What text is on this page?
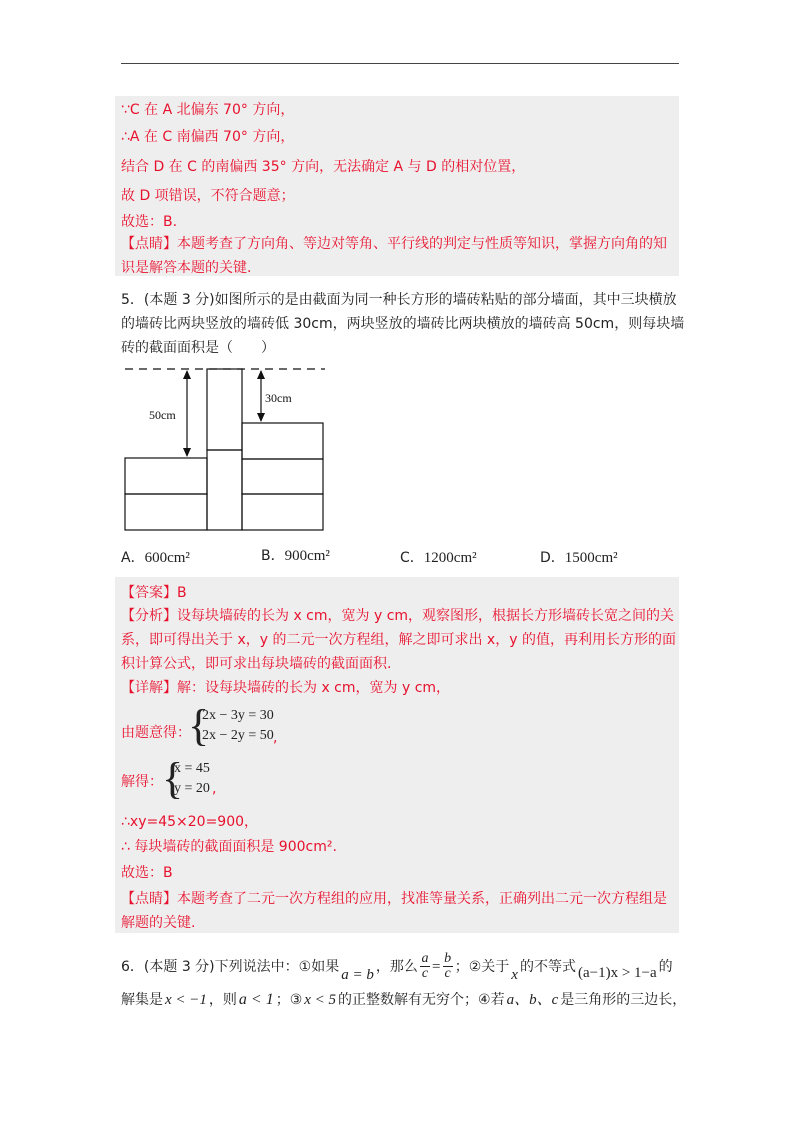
∵C 在 A 北偏东 70° 方向，
∴A 在 C 南偏西 70° 方向，
结合 D 在 C 的南偏西 35° 方向，无法确定 A 与 D 的相对位置，
故 D 项错误，不符合题意；
故选：B.
【点睛】本题考查了方向角、等边对等角、平行线的判定与性质等知识，掌握方向角的知
识是解答本题的关键.
5．(本题 3 分)如图所示的是由截面为同一种长方形的墙砖粘贴的部分墙面，其中三块横放
的墙砖比两块竖放的墙砖低 30cm，两块竖放的墙砖比两块横放的墙砖高 50cm，则每块墙
砖的截面面积是（　　）
50cm
30cm
A．600cm²	B．900cm²	C．1200cm²	D．1500cm²
【答案】B
【分析】设每块墙砖的长为 x cm，宽为 y cm，观察图形，根据长方形墙砖长宽之间的关
系，即可得出关于 x，y 的二元一次方程组，解之即可求出 x，y 的值，再利用长方形的面
积计算公式，即可求出每块墙砖的截面面积.
【详解】解：设每块墙砖的长为 x cm，宽为 y cm，
由题意得：
{
2x − 3y = 30
2x − 2y = 50 ,
解得： {
x = 45
y = 20 ,
∴xy=45×20=900，
∴ 每块墙砖的截面面积是 900cm².
故选：B
【点睛】本题考查了二元一次方程组的应用，找准等量关系，正确列出二元一次方程组是
解题的关键.
6．(本题 3 分)下列说法中：①如果 a = b ，那么 $\frac{a}{c} = \frac{b}{c}$ ；②关于 x 的不等式 (a−1)x > 1−a 的
解集是 x < −1 ，则 a < 1 ；③ x < 5 的正整数解有无穷个；④若 a、b、c 是三角形的三边长，
